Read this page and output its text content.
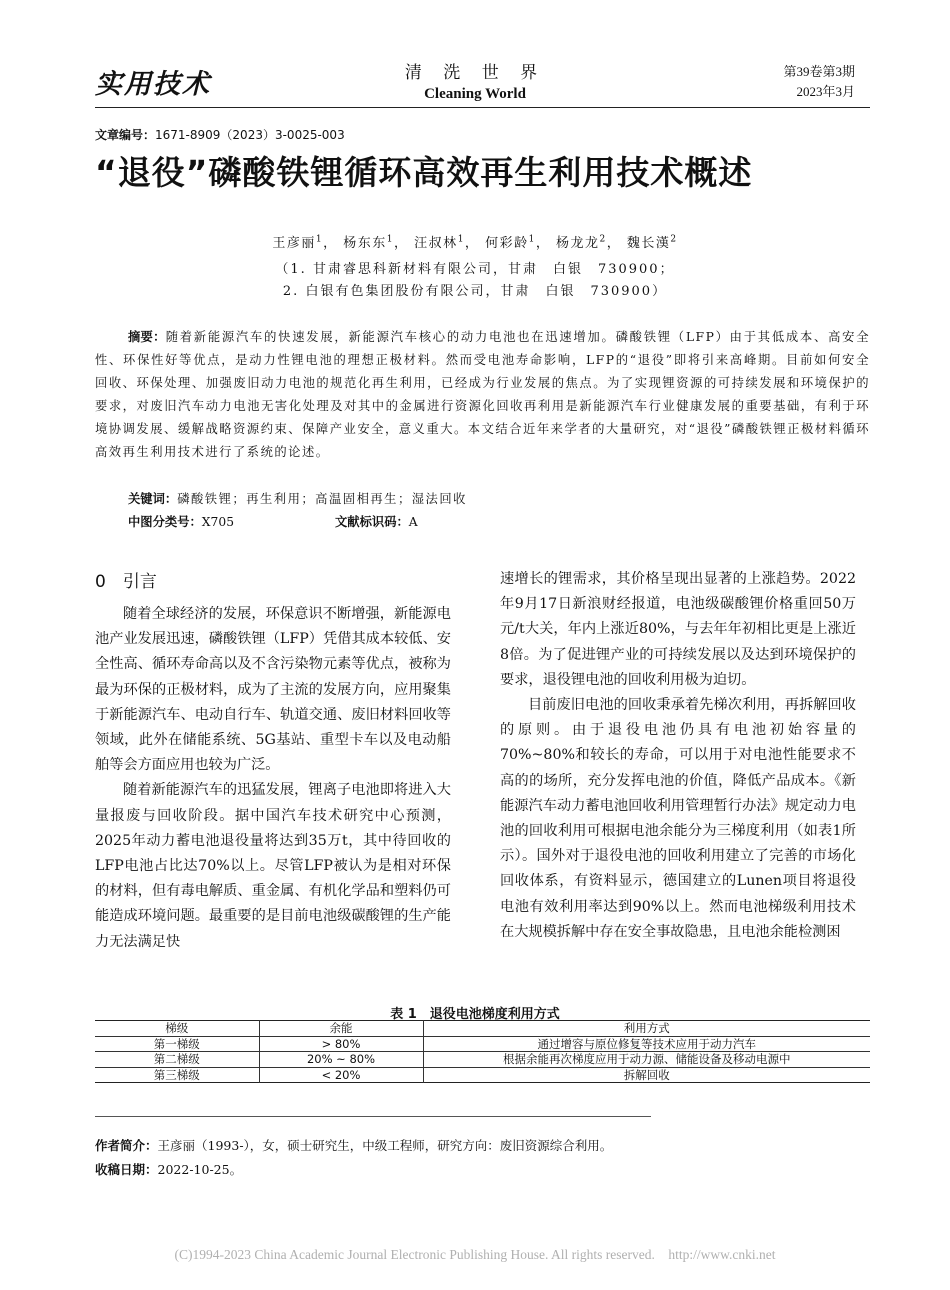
实用技术	清 洗 世 界
Cleaning World
第39卷第3期
2023年3月
文章编号：1671-8909（2023）3-0025-003
“退役”磷酸铁锂循环高效再生利用技术概述
王彦丽$^1$， 杨东东$^1$， 汪叔林$^1$， 何彩龄$^1$， 杨龙龙$^2$， 魏长漢$^2$
（1. 甘肃睿思科新材料有限公司，甘肃　白银　730900；
2. 白银有色集团股份有限公司，甘肃　白银　730900）
摘要：随着新能源汽车的快速发展，新能源汽车核心的动力电池也在迅速增加。磷酸铁锂（LFP）由于其低成本、高安全性、环保性好等优点，是动力性锂电池的理想正极材料。然而受电池寿命影响，LFP的“退役”即将引来高峰期。目前如何安全回收、环保处理、加强废旧动力电池的规范化再生利用，已经成为行业发展的焦点。为了实现锂资源的可持续发展和环境保护的要求，对废旧汽车动力电池无害化处理及对其中的金属进行资源化回收再利用是新能源汽车行业健康发展的重要基础，有利于环境协调发展、缓解战略资源约束、保障产业安全，意义重大。本文结合近年来学者的大量研究，对“退役”磷酸铁锂正极材料循环高效再生利用技术进行了系统的论述。
关键词：磷酸铁锂；再生利用；高温固相再生；湿法回收
中图分类号：X705	文献标识码：A
0　引言

随着全球经济的发展，环保意识不断增强，新能源电池产业发展迅速，磷酸铁锂（LFP）凭借其成本较低、安全性高、循环寿命高以及不含污染物元素等优点，被称为最为环保的正极材料，成为了主流的发展方向，应用聚集于新能源汽车、电动自行车、轨道交通、废旧材料回收等领域，此外在储能系统、5G基站、重型卡车以及电动船舶等会方面应用也较为广泛。

随着新能源汽车的迅猛发展，锂离子电池即将进入大量报废与回收阶段。据中国汽车技术研究中心预测，2025年动力蓄电池退役量将达到35万t，其中待回收的LFP电池占比达70%以上。尽管LFP被认为是相对环保的材料，但有毒电解质、重金属、有机化学品和塑料仍可能造成环境问题。最重要的是目前电池级碳酸锂的生产能力无法满足快

速增长的锂需求，其价格呈现出显著的上涨趋势。2022年9月17日新浪财经报道，电池级碳酸锂价格重回50万元/t大关，年内上涨近80%，与去年年初相比更是上涨近8倍。为了促进锂产业的可持续发展以及达到环境保护的要求，退役锂电池的回收利用极为迫切。

目前废旧电池的回收秉承着先梯次利用，再拆解回收的原则。由于退役电池仍具有电池初始容量的70%~80%和较长的寿命，可以用于对电池性能要求不高的的场所，充分发挥电池的价值，降低产品成本。《新能源汽车动力蓄电池回收利用管理暂行办法》规定动力电池的回收利用可根据电池余能分为三梯度利用（如表1所示）。国外对于退役电池的回收利用建立了完善的市场化回收体系，有资料显示，德国建立的Lunen项目将退役电池有效利用率达到90%以上。然而电池梯级利用技术在大规模拆解中存在安全事故隐患，且电池余能检测困

表 1　退役电池梯度利用方式
梯级	余能	利用方式
第一梯级	> 80%	通过增容与原位修复等技术应用于动力汽车
第二梯级	20% ~ 80%	根据余能再次梯度应用于动力源、储能设备及移动电源中
第三梯级	< 20%	拆解回收
作者简介：王彦丽（1993-），女，硕士研究生，中级工程师，研究方向：废旧资源综合利用。
收稿日期：2022-10-25。
(C)1994-2023 China Academic Journal Electronic Publishing House. All rights reserved.　http://www.cnki.net
